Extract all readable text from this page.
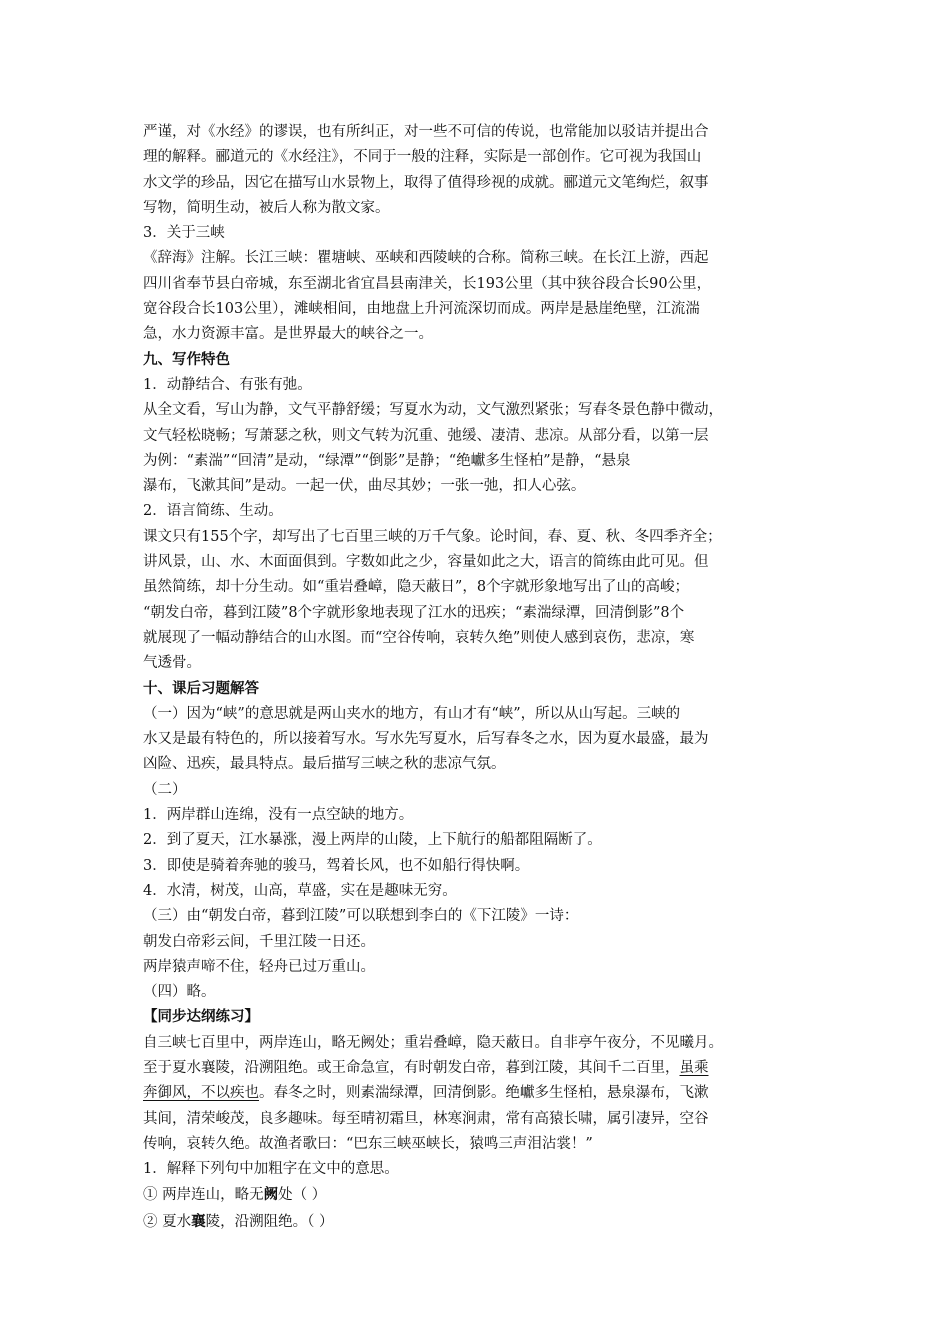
严谨，对《水经》的谬误，也有所纠正，对一些不可信的传说，也常能加以驳诘并提出合

理的解释。郦道元的《水经注》，不同于一般的注释，实际是一部创作。它可视为我国山

水文学的珍品，因它在描写山水景物上，取得了值得珍视的成就。郦道元文笔绚烂，叙事

写物，简明生动，被后人称为散文家。

3．关于三峡

《辞海》注解。长江三峡：瞿塘峡、巫峡和西陵峡的合称。简称三峡。在长江上游，西起

四川省奉节县白帝城，东至湖北省宜昌县南津关，长193公里（其中狭谷段合长90公里，

宽谷段合长103公里），滩峡相间，由地盘上升河流深切而成。两岸是悬崖绝壁，江流湍

急，水力资源丰富。是世界最大的峡谷之一。

九、写作特色

1．动静结合、有张有弛。

从全文看，写山为静，文气平静舒缓；写夏水为动，文气激烈紧张；写春冬景色静中微动，

文气轻松晓畅；写萧瑟之秋，则文气转为沉重、弛缓、凄清、悲凉。从部分看，以第一层

为例：“素湍”“回清”是动，“绿潭”“倒影”是静；“绝巘多生怪柏”是静，“悬泉

瀑布，飞漱其间”是动。一起一伏，曲尽其妙；一张一弛，扣人心弦。

2．语言简练、生动。

课文只有155个字，却写出了七百里三峡的万千气象。论时间，春、夏、秋、冬四季齐全；

讲风景，山、水、木面面俱到。字数如此之少，容量如此之大，语言的简练由此可见。但

虽然简练，却十分生动。如“重岩叠嶂，隐天蔽日”，8个字就形象地写出了山的高峻；

“朝发白帝，暮到江陵”8个字就形象地表现了江水的迅疾；“素湍绿潭，回清倒影”8个

就展现了一幅动静结合的山水图。而“空谷传响，哀转久绝”则使人感到哀伤，悲凉，寒

气透骨。

十、课后习题解答

（一）因为“峡”的意思就是两山夹水的地方，有山才有“峡”，所以从山写起。三峡的

水又是最有特色的，所以接着写水。写水先写夏水，后写春冬之水，因为夏水最盛，最为

凶险、迅疾，最具特点。最后描写三峡之秋的悲凉气氛。

（二）

1．两岸群山连绵，没有一点空缺的地方。

2．到了夏天，江水暴涨，漫上两岸的山陵，上下航行的船都阻隔断了。

3．即使是骑着奔驰的骏马，驾着长风，也不如船行得快啊。

4．水清，树茂，山高，草盛，实在是趣味无穷。

（三）由“朝发白帝，暮到江陵”可以联想到李白的《下江陵》一诗：

朝发白帝彩云间，千里江陵一日还。

两岸猿声啼不住，轻舟已过万重山。

（四）略。

【同步达纲练习】

自三峡七百里中，两岸连山，略无阙处；重岩叠嶂，隐天蔽日。自非亭午夜分，不见曦月。

至于夏水襄陵，沿溯阻绝。或王命急宣，有时朝发白帝，暮到江陵，其间千二百里，虽乘

奔御风，不以疾也。春冬之时，则素湍绿潭，回清倒影。绝巘多生怪柏，悬泉瀑布，飞漱

其间，清荣峻茂，良多趣味。每至晴初霜旦，林寒涧肃，常有高猿长啸，属引凄异，空谷

传响，哀转久绝。故渔者歌曰：“巴东三峡巫峡长，猿鸣三声泪沾裳！”

1．解释下列句中加粗字在文中的意思。

① 两岸连山，略无阙处（ ）

② 夏水襄陵，沿溯阻绝。（ ）
